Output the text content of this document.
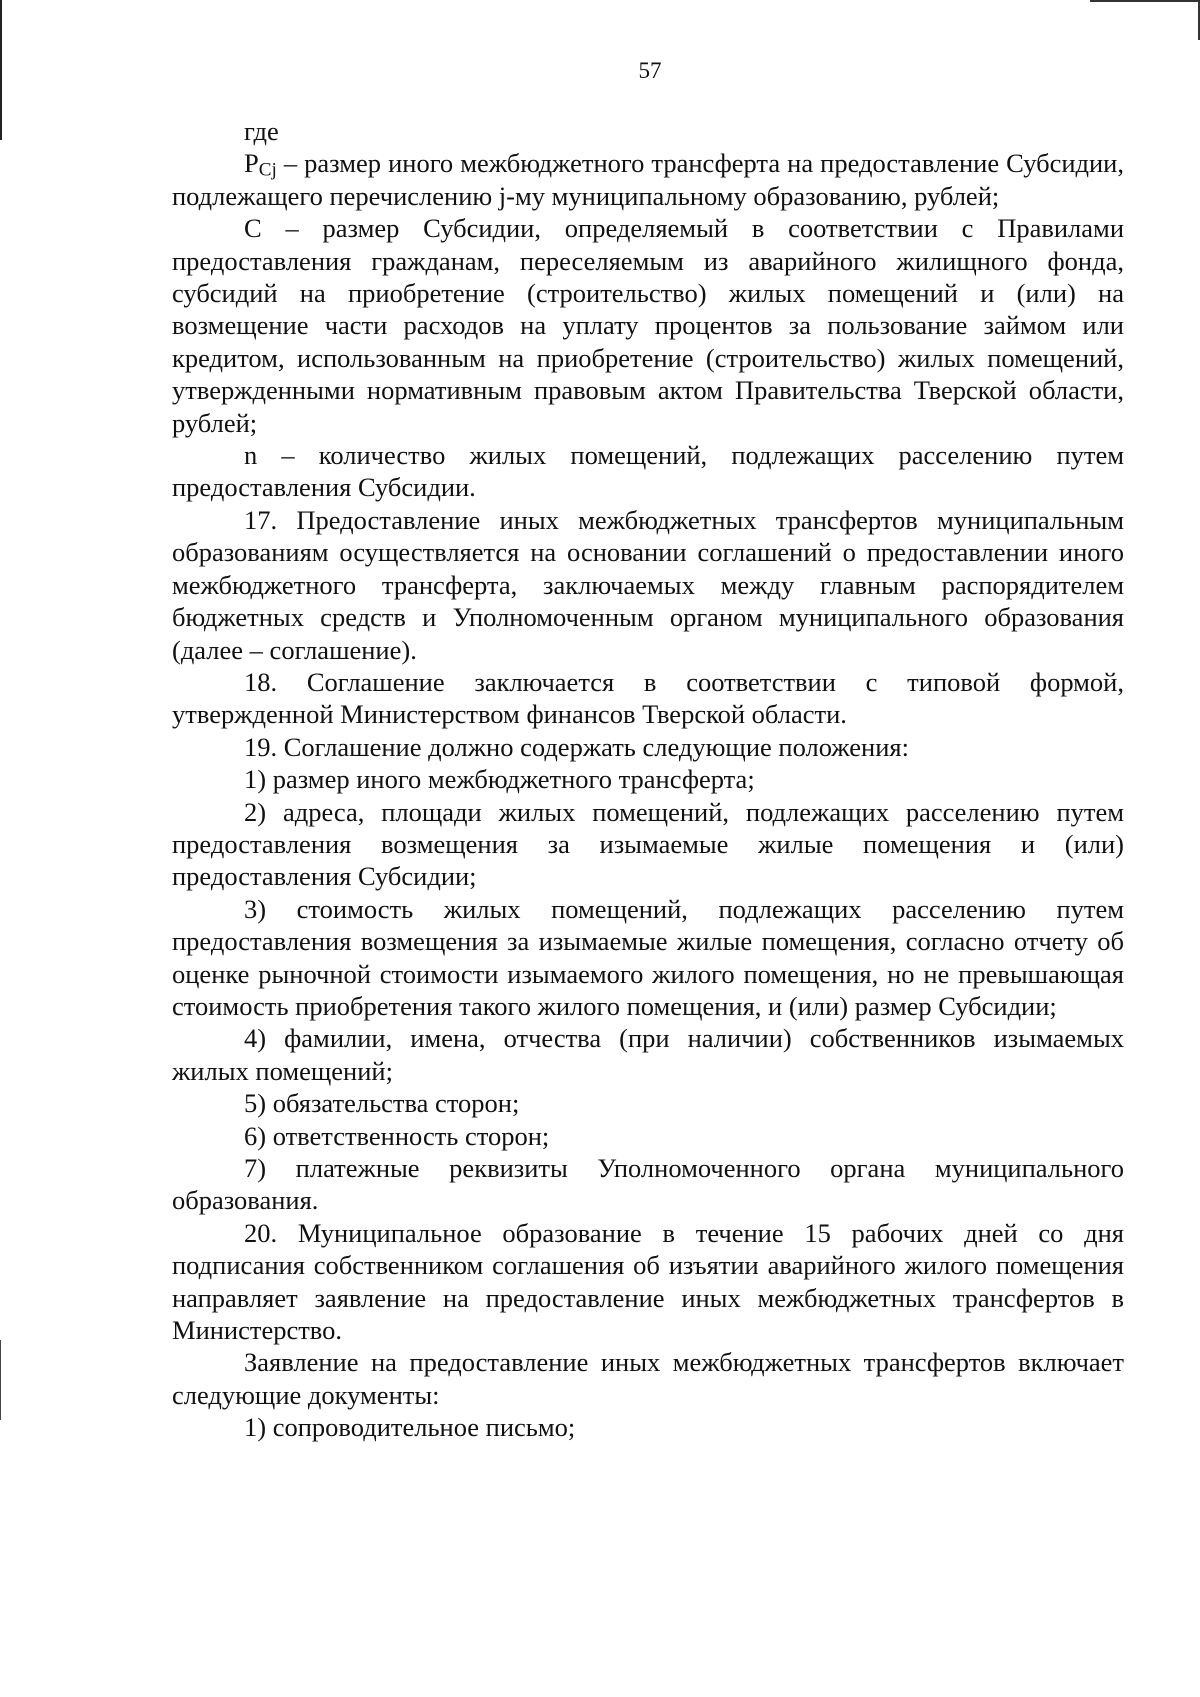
57

где

PCj – размер иного межбюджетного трансферта на предоставление Субсидии, подлежащего перечислению j-му муниципальному образованию, рублей;

С – размер Субсидии, определяемый в соответствии с Правилами предоставления гражданам, переселяемым из аварийного жилищного фонда, субсидий на приобретение (строительство) жилых помещений и (или) на возмещение части расходов на уплату процентов за пользование займом или кредитом, использованным на приобретение (строительство) жилых помещений, утвержденными нормативным правовым актом Правительства Тверской области, рублей;

n – количество жилых помещений, подлежащих расселению путем предоставления Субсидии.

17. Предоставление иных межбюджетных трансфертов муниципальным образованиям осуществляется на основании соглашений о предоставлении иного межбюджетного трансферта, заключаемых между главным распорядителем бюджетных средств и Уполномоченным органом муниципального образования (далее – соглашение).

18. Соглашение заключается в соответствии с типовой формой, утвержденной Министерством финансов Тверской области.

19. Соглашение должно содержать следующие положения:

1) размер иного межбюджетного трансферта;

2) адреса, площади жилых помещений, подлежащих расселению путем предоставления возмещения за изымаемые жилые помещения и (или) предоставления Субсидии;

3) стоимость жилых помещений, подлежащих расселению путем предоставления возмещения за изымаемые жилые помещения, согласно отчету об оценке рыночной стоимости изымаемого жилого помещения, но не превышающая стоимость приобретения такого жилого помещения, и (или) размер Субсидии;

4) фамилии, имена, отчества (при наличии) собственников изымаемых жилых помещений;

5) обязательства сторон;

6) ответственность сторон;

7) платежные реквизиты Уполномоченного органа муниципального образования.

20. Муниципальное образование в течение 15 рабочих дней со дня подписания собственником соглашения об изъятии аварийного жилого помещения направляет заявление на предоставление иных межбюджетных трансфертов в Министерство.

Заявление на предоставление иных межбюджетных трансфертов включает следующие документы:

1) сопроводительное письмо;
